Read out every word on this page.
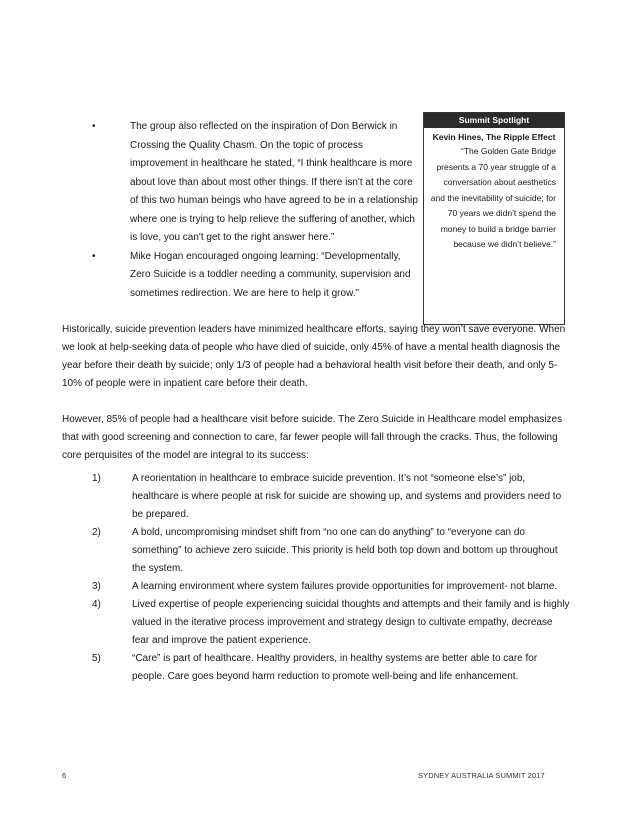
•	The group also reflected on the inspiration of Don Berwick in Crossing the Quality Chasm. On the topic of process improvement in healthcare he stated, “I think healthcare is more about love than about most other things. If there isn't at the core of this two human beings who have agreed to be in a relationship where one is trying to help relieve the suffering of another, which is love, you can't get to the right answer here.”
•	Mike Hogan encouraged ongoing learning: “Developmentally, Zero Suicide is a toddler needing a community, supervision and sometimes redirection. We are here to help it grow.”
Summit Spotlight
Kevin Hines, The Ripple Effect
“The Golden Gate Bridge presents a 70 year struggle of a conversation about aesthetics and the inevitability of suicide; for 70 years we didn’t spend the money to build a bridge barrier because we didn’t believe.”

Historically, suicide prevention leaders have minimized healthcare efforts, saying they won’t save everyone. When we look at help-seeking data of people who have died of suicide, only 45% of have a mental health diagnosis the year before their death by suicide; only 1/3 of people had a behavioral health visit before their death, and only 5-10% of people were in inpatient care before their death.

However, 85% of people had a healthcare visit before suicide. The Zero Suicide in Healthcare model emphasizes that with good screening and connection to care, far fewer people will fall through the cracks. Thus, the following core perquisites of the model are integral to its success:

1)	A reorientation in healthcare to embrace suicide prevention. It’s not “someone else’s” job, healthcare is where people at risk for suicide are showing up, and systems and providers need to be prepared.
2)	A bold, uncompromising mindset shift from “no one can do anything” to “everyone can do something” to achieve zero suicide. This priority is held both top down and bottom up throughout the system.
3)	A learning environment where system failures provide opportunities for improvement- not blame.
4)	Lived expertise of people experiencing suicidal thoughts and attempts and their family and is highly valued in the iterative process improvement and strategy design to cultivate empathy, decrease fear and improve the patient experience.
5)	“Care” is part of healthcare. Healthy providers, in healthy systems are better able to care for people. Care goes beyond harm reduction to promote well-being and life enhancement.
6	SYDNEY AUSTRALIA SUMMIT 2017
